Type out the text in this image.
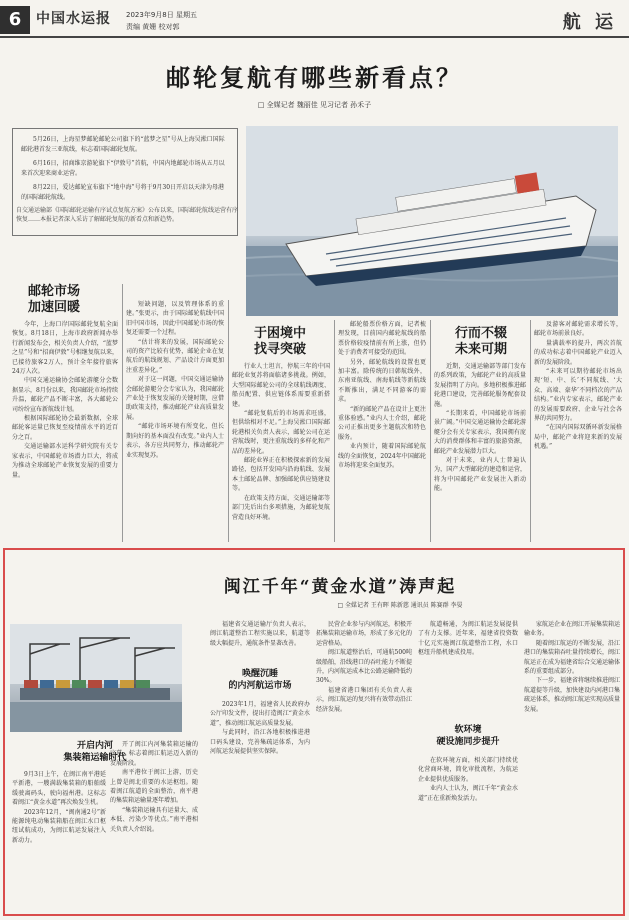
6	中国水运报 2023年9月8日 星期五
责编 黄姗 校对郭	航 运
邮轮复航有哪些新看点？
□ 全媒记者 魏丽佳 见习记者 孙禾子

5月26日，上海星梦邮轮邮轮公司旗下的“蓝梦之星”号从上海吴淞口国际邮轮港首发三亚航线，标志着国际邮轮复航。

6月16日，招商维京游轮旗下“伊敦号”首航，中国内地邮轮市场从五月以来首次迎来商业运营。

8月22日，爱达邮轮宣布旗下“地中海”号将于9月30日开启以天津为母港的国际邮轮航线。

自交通运输部《国际邮轮运输有序试点复航方案》公布以来，国际邮轮航线运营有序恢复……本报记者深入采访了解邮轮复航的新看点和新趋势。
邮轮市场
加速回暖

今年，上海口岸国际邮轮复航全面恢复。8月18日，上海市政府新闻办举行新闻发布会，相关负责人介绍，“蓝梦之星”号和“招商伊敦”号相继复航以来，已接待旅客2万人，预计全年接待旅客24万人次。

中国交通运输协会邮轮游艇分会数据显示，8月份以来，我国邮轮市场持续升温，邮轮产品不断丰富，各大邮轮公司纷纷宣布新航线计划。

根据国际邮轮协会最新数据，全球邮轮客运量已恢复至疫情前水平的近百分之百。

交通运输部水运科学研究院有关专家表示，中国邮轮市场潜力巨大，将成为推动全球邮轮产业恢复发展的重要力量。

短缺问题，以及管理体系的重建。”张更示，由于国际邮轮航线中国旧中国市场，因此中国邮轮市场的恢复还需要一个过程。

“估计将来的发展，国际邮轮公司的资产比较有优势，邮轮企业在复航后的航线规划、产品设计方面更加注重差异化。”

对于这一问题，中国交通运输协会邮轮游艇分会专家认为，我国邮轮产业处于恢复发展的关键时期，应借助政策支持，推动邮轮产业高质量发展。

“邮轮市场环境有所变化，但长期向好的基本面没有改变。”业内人士表示，各方应共同努力，推动邮轮产业实现复苏。

于困境中
找寻突破

行业人士坦言，停航三年的中国邮轮业复苏将面临诸多挑战。例如，大型国际邮轮公司的全球航线调度、船员配置、供应链体系需要重新搭建。

“邮轮复航后的市场需求旺盛，但供给相对不足。”上海吴淞口国际邮轮港相关负责人表示，邮轮公司在运营航线时，更注重航线的多样化和产品的差异化。

邮轮业界正在积极探索新的发展路径，包括开发国内沿海航线、发展本土邮轮品牌、加强邮轮供应链建设等。

在政策支持方面，交通运输部等部门先后出台多项措施，为邮轮复航营造良好环境。

邮轮船票价格方面，记者梳理发现，目前国内邮轮航线的船票价格较疫情前有所上涨，但仍处于消费者可接受的范围。

另外，邮轮航线的设置也更加丰富。除传统的日韩航线外，东南亚航线、南海航线等新航线不断推出，满足不同游客的需求。

“新的邮轮产品在设计上更注重体验感。”业内人士介绍，邮轮公司正推出更多主题航次和特色服务。

业内预计，随着国际邮轮航线的全面恢复，2024年中国邮轮市场将迎来全面复苏。

行而不辍
未来可期

近期，交通运输部等部门发布的系列政策，为邮轮产业的高质量发展指明了方向。多地积极推进邮轮港口建设，完善邮轮服务配套设施。

“长期来看，中国邮轮市场前景广阔。”中国交通运输协会邮轮游艇分会有关专家表示，我国拥有庞大的消费群体和丰富的旅游资源，邮轮产业发展潜力巨大。

对于未来，业内人士普遍认为，国产大型邮轮的建造和运营，将为中国邮轮产业发展注入新动能。

及游客对邮轮需求增长等，邮轮市场前景良好。

量满载率的提升，两次首航的成功标志着中国邮轮产业迈入新的发展阶段。

“未来可以期待邮轮市场出现‘短、中、长’不同航线、‘大众、高端、豪华’不同档次的产品结构。”业内专家表示，邮轮产业的发展需要政府、企业与社会各界的共同努力。

“在国内国际双循环新发展格局中，邮轮产业将迎来新的发展机遇。”

闽江千年“黄金水道”涛声起
□ 全媒记者 王有晖 陈新慈 通讯员 陈赛群 李晏
开启内河
集装箱运输时代

9月3日上午，在闽江南平港延平新港，一艘满载集装箱的船舶缓缓驶离码头，驶向福州港。这标志着闽江“黄金水道”再次焕发生机。

2023年12月，“闽南通2号”新能源纯电动集装箱船在闽江水口枢纽试航成功，为闽江航运发展注入新动力。

开了闽江内河集装箱运输的序幕，标志着闽江航运迈入新的发展阶段。

南平港位于闽江上游，历史上曾是闽北重要的水运枢纽。随着闽江航道的全面整治，南平港的集装箱运输量逐年增加。

“集装箱运输具有运量大、成本低、污染少等优点。”南平港相关负责人介绍说。

唤醒沉睡
的内河航运市场

福建省交通运输厅负责人表示，闽江航道整治工程实施以来，航道等级大幅提升，通航条件显著改善。

2023年1月，福建省人民政府办公厅印发文件，提出打造闽江“黄金水道”，推动闽江航运高质量发展。

与此同时，沿江各地积极推进港口码头建设，完善集疏运体系，为内河航运发展提供坚实保障。

民营企业参与内河航运，积极开拓集装箱运输市场，形成了多元化的运营格局。

闽江航道整治后，可通航500吨级船舶，沿线港口的吞吐能力不断提升，内河航运成本比公路运输降低约30%。

福建省港口集团有关负责人表示，闽江航运的复兴将有效带动沿江经济发展。

航道畅通，为闽江航运发展提供了有力支撑。近年来，福建省投资数十亿元实施闽江航道整治工程，水口枢纽升船机建成投用。

软环境
硬设施同步提升

在软环境方面，相关部门持续优化营商环境，简化审批流程，为航运企业提供优质服务。

业内人士认为，闽江千年“黄金水道”正在重新焕发活力。

家航运企业在闽江开展集装箱运输业务。

随着闽江航运的不断发展，沿江港口的集装箱吞吐量持续增长，闽江航运正在成为福建省综合交通运输体系的重要组成部分。

下一步，福建省将继续推进闽江航道提等升级，加快建设内河港口集疏运体系，推动闽江航运实现高质量发展。
